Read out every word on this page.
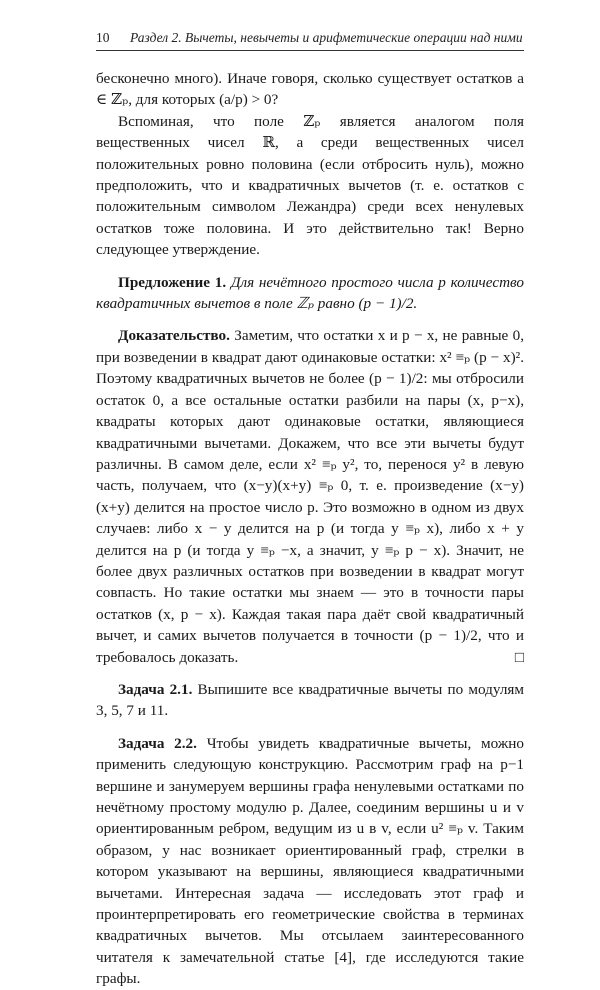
10 Раздел 2. Вычеты, невычеты и арифметические операции над ними

бесконечно много). Иначе говоря, сколько существует остатков a ∈ ℤₚ, для которых (a/p) > 0?

Вспоминая, что поле ℤₚ является аналогом поля вещественных чисел ℝ, а среди вещественных чисел положительных ровно половина (если отбросить нуль), можно предположить, что и квадратичных вычетов (т. е. остатков с положительным символом Лежандра) среди всех ненулевых остатков тоже половина. И это действительно так! Верно следующее утверждение.

Предложение 1. Для нечётного простого числа p количество квадратичных вычетов в поле ℤₚ равно (p − 1)/2.

Доказательство. Заметим, что остатки x и p − x, не равные 0, при возведении в квадрат дают одинаковые остатки: x² ≡ₚ (p − x)². Поэтому квадратичных вычетов не более (p − 1)/2: мы отбросили остаток 0, а все остальные остатки разбили на пары (x, p−x), квадраты которых дают одинаковые остатки, являющиеся квадратичными вычетами. Докажем, что все эти вычеты будут различны. В самом деле, если x² ≡ₚ y², то, перенося y² в левую часть, получаем, что (x−y)(x+y) ≡ₚ 0, т. е. произведение (x−y)(x+y) делится на простое число p. Это возможно в одном из двух случаев: либо x − y делится на p (и тогда y ≡ₚ x), либо x + y делится на p (и тогда y ≡ₚ −x, а значит, y ≡ₚ p − x). Значит, не более двух различных остатков при возведении в квадрат могут совпасть. Но такие остатки мы знаем — это в точности пары остатков (x, p − x). Каждая такая пара даёт свой квадратичный вычет, и самих вычетов получается в точности (p − 1)/2, что и требовалось доказать.	□

Задача 2.1. Выпишите все квадратичные вычеты по модулям 3, 5, 7 и 11.

Задача 2.2. Чтобы увидеть квадратичные вычеты, можно применить следующую конструкцию. Рассмотрим граф на p−1 вершине и занумеруем вершины графа ненулевыми остатками по нечётному простому модулю p. Далее, соединим вершины u и v ориентированным ребром, ведущим из u в v, если u² ≡ₚ v. Таким образом, у нас возникает ориентированный граф, стрелки в котором указывают на вершины, являющиеся квадратичными вычетами. Интересная задача — исследовать этот граф и проинтерпретировать его геометрические свойства в терминах квадратичных вычетов. Мы отсылаем заинтересованного читателя к замечательной статье [4], где исследуются такие графы.
